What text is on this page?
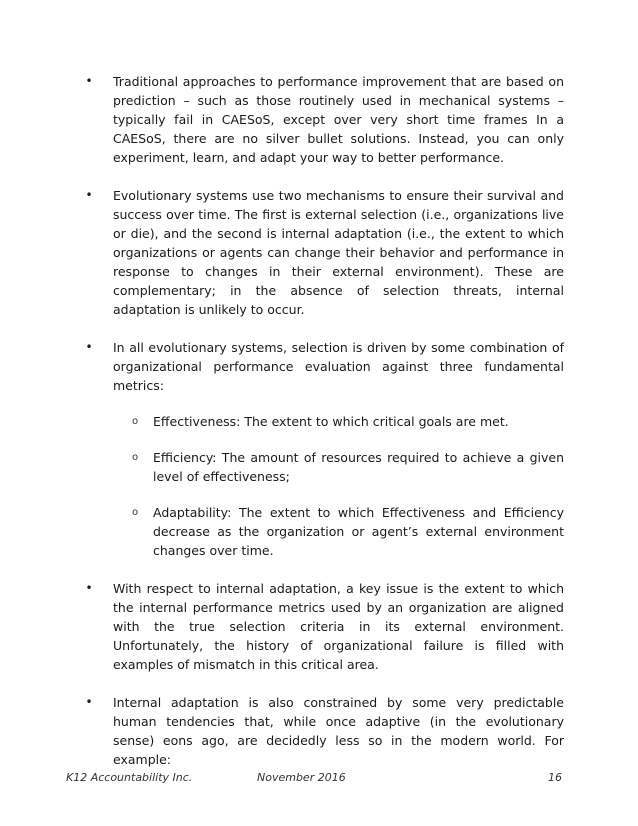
• Traditional approaches to performance improvement that are based on prediction – such as those routinely used in mechanical systems – typically fail in CAESoS, except over very short time frames In a CAESoS, there are no silver bullet solutions. Instead, you can only experiment, learn, and adapt your way to better performance.
• Evolutionary systems use two mechanisms to ensure their survival and success over time. The first is external selection (i.e., organizations live or die), and the second is internal adaptation (i.e., the extent to which organizations or agents can change their behavior and performance in response to changes in their external environment). These are complementary; in the absence of selection threats, internal adaptation is unlikely to occur.
• In all evolutionary systems, selection is driven by some combination of organizational performance evaluation against three fundamental metrics:
o Effectiveness: The extent to which critical goals are met.
o Efficiency: The amount of resources required to achieve a given level of effectiveness;
o Adaptability: The extent to which Effectiveness and Efficiency decrease as the organization or agent’s external environment changes over time.
• With respect to internal adaptation, a key issue is the extent to which the internal performance metrics used by an organization are aligned with the true selection criteria in its external environment. Unfortunately, the history of organizational failure is filled with examples of mismatch in this critical area.
• Internal adaptation is also constrained by some very predictable human tendencies that, while once adaptive (in the evolutionary sense) eons ago, are decidedly less so in the modern world. For example:
K12 Accountability Inc.	November 2016	16
